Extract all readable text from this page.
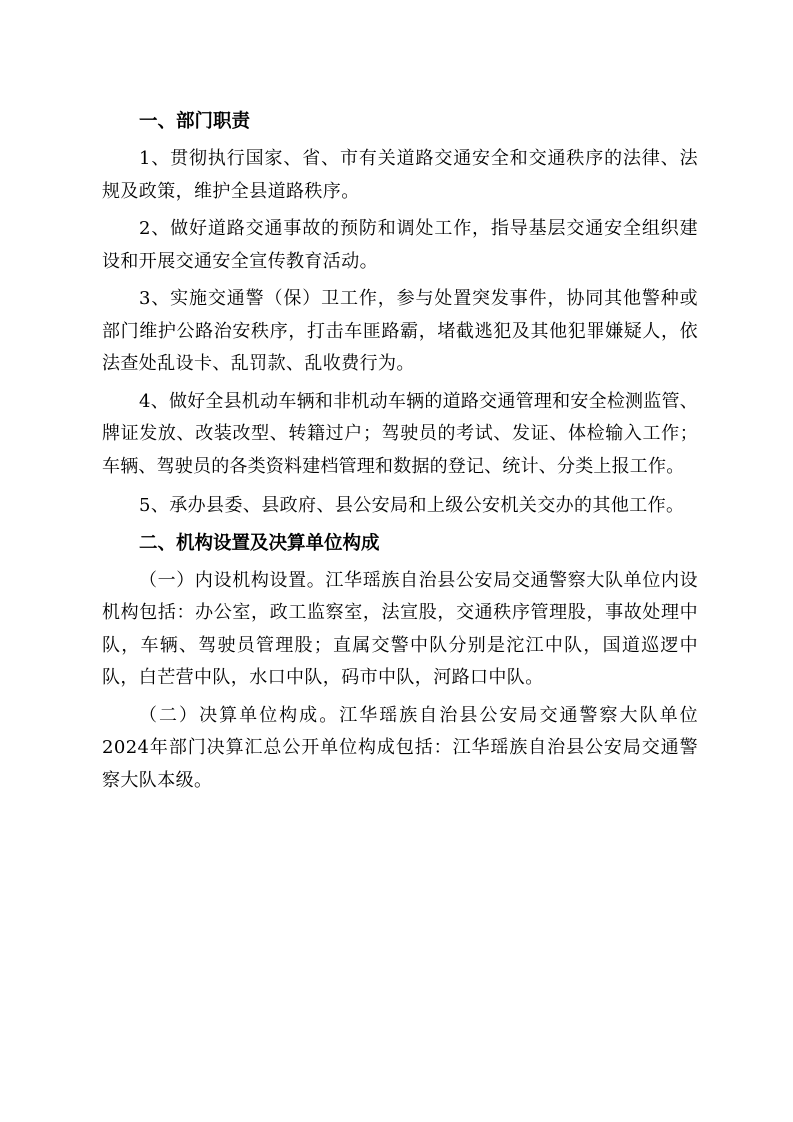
一、部门职责

1、贯彻执行国家、省、市有关道路交通安全和交通秩序的法律、法规及政策，维护全县道路秩序。

2、做好道路交通事故的预防和调处工作，指导基层交通安全组织建设和开展交通安全宣传教育活动。

3、实施交通警（保）卫工作，参与处置突发事件，协同其他警种或部门维护公路治安秩序，打击车匪路霸，堵截逃犯及其他犯罪嫌疑人，依法查处乱设卡、乱罚款、乱收费行为。

4、做好全县机动车辆和非机动车辆的道路交通管理和安全检测监管、牌证发放、改装改型、转籍过户；驾驶员的考试、发证、体检输入工作；车辆、驾驶员的各类资料建档管理和数据的登记、统计、分类上报工作。

5、承办县委、县政府、县公安局和上级公安机关交办的其他工作。

二、机构设置及决算单位构成

（一）内设机构设置。江华瑶族自治县公安局交通警察大队单位内设机构包括：办公室，政工监察室，法宣股，交通秩序管理股，事故处理中队，车辆、驾驶员管理股；直属交警中队分别是沱江中队，国道巡逻中队，白芒营中队，水口中队，码市中队，河路口中队。

（二）决算单位构成。江华瑶族自治县公安局交通警察大队单位2024年部门决算汇总公开单位构成包括：江华瑶族自治县公安局交通警察大队本级。
